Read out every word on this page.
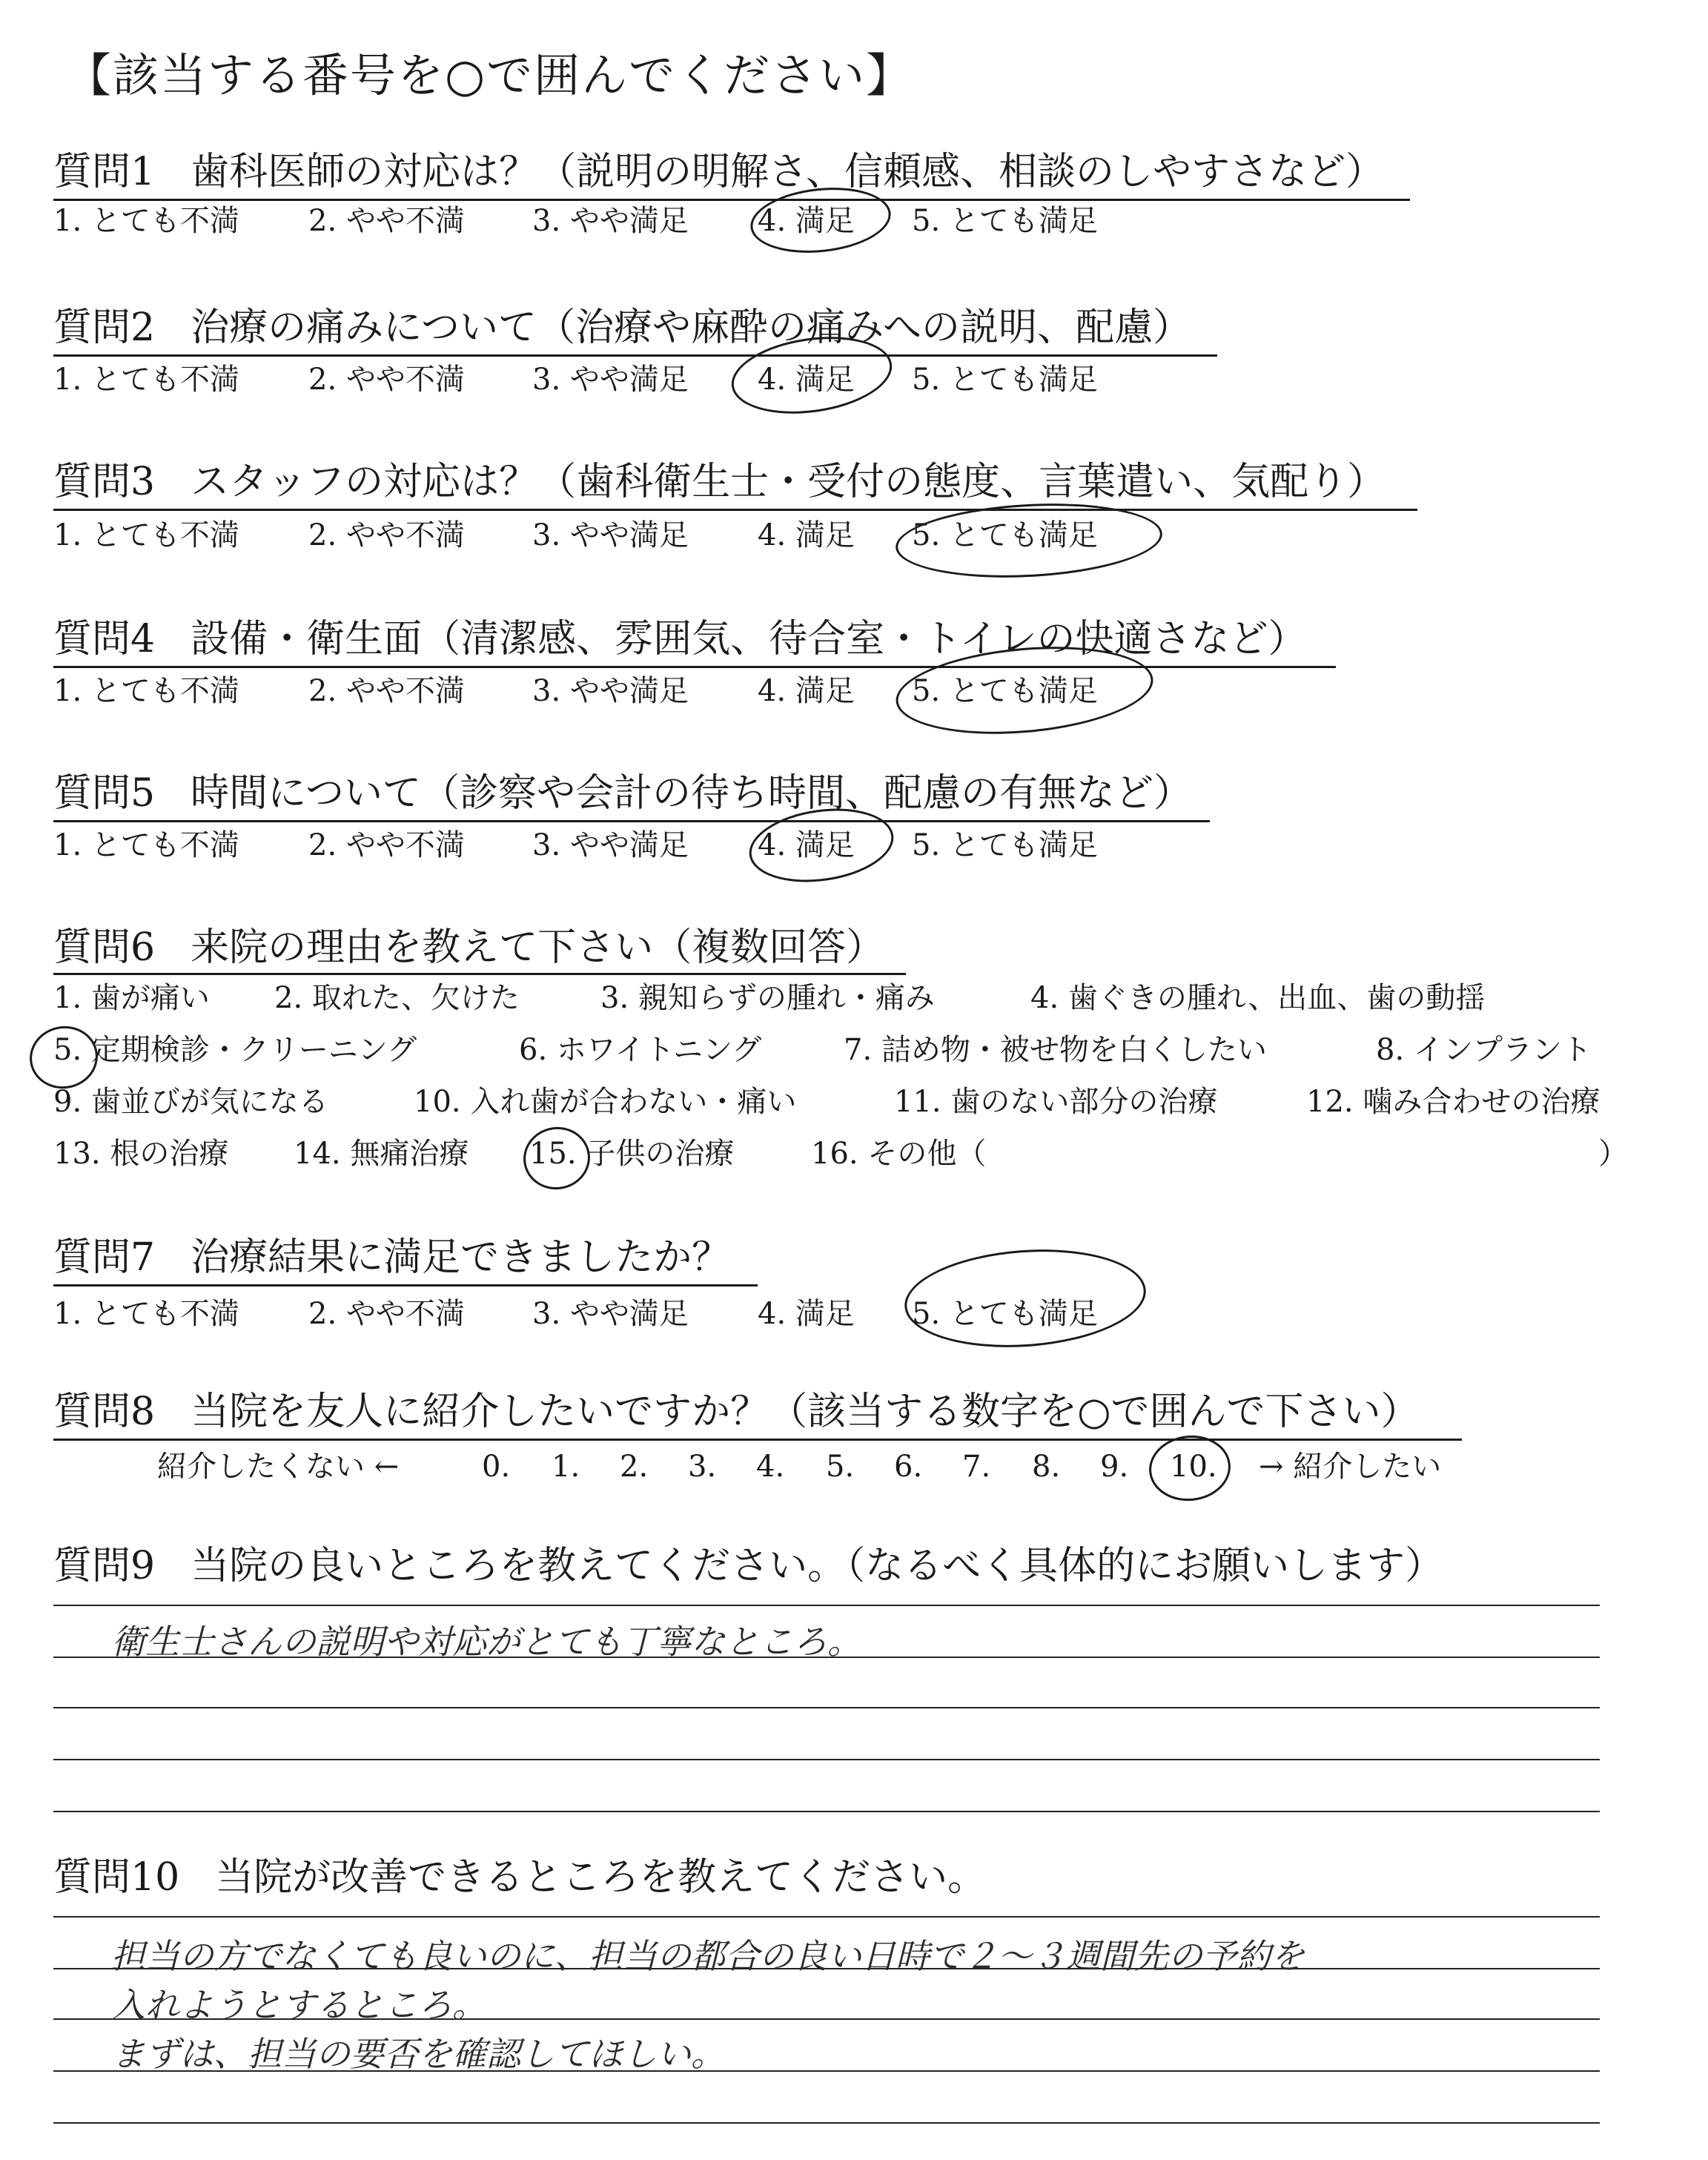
【該当する番号を○で囲んでください】
質問1 歯科医師の対応は？（説明の明解さ、信頼感、相談のしやすさなど）
1. とても不満 2. やや不満 3. やや満足 4. 満足 5. とても満足
質問2 治療の痛みについて（治療や麻酔の痛みへの説明、配慮）
1. とても不満 2. やや不満 3. やや満足 4. 満足 5. とても満足
質問3 スタッフの対応は？（歯科衛生士・受付の態度、言葉遣い、気配り）
1. とても不満 2. やや不満 3. やや満足 4. 満足 5. とても満足
質問4 設備・衛生面（清潔感、雰囲気、待合室・トイレの快適さなど）
1. とても不満 2. やや不満 3. やや満足 4. 満足 5. とても満足
質問5 時間について（診察や会計の待ち時間、配慮の有無など）
1. とても不満 2. やや不満 3. やや満足 4. 満足 5. とても満足
質問6 来院の理由を教えて下さい（複数回答）
1. 歯が痛い 2. 取れた、欠けた	3. 親知らずの腫れ・痛み	4. 歯ぐきの腫れ、出血、歯の動揺
5. 定期検診・クリーニング	6. ホワイトニング	7. 詰め物・被せ物を白くしたい	8. インプラント
9. 歯並びが気になる	10. 入れ歯が合わない・痛い	11. 歯のない部分の治療	12. 噛み合わせの治療
13. 根の治療 14. 無痛治療 15. 子供の治療	16. その他（	）
質問7 治療結果に満足できましたか？
1. とても不満 2. やや不満 3. やや満足 4. 満足 5. とても満足
質問8 当院を友人に紹介したいですか？（該当する数字を○で囲んで下さい）
紹介したくない ←	0. 1. 2. 3. 4. 5. 6. 7. 8. 9. 10. → 紹介したい
質問9 当院の良いところを教えてください。（なるべく具体的にお願いします）
衛生士さんの説明や対応がとても丁寧なところ。
質問10 当院が改善できるところを教えてください。
担当の方でなくても良いのに、担当の都合の良い日時で２〜３週間先の予約を
入れようとするところ。
まずは、担当の要否を確認してほしい。
